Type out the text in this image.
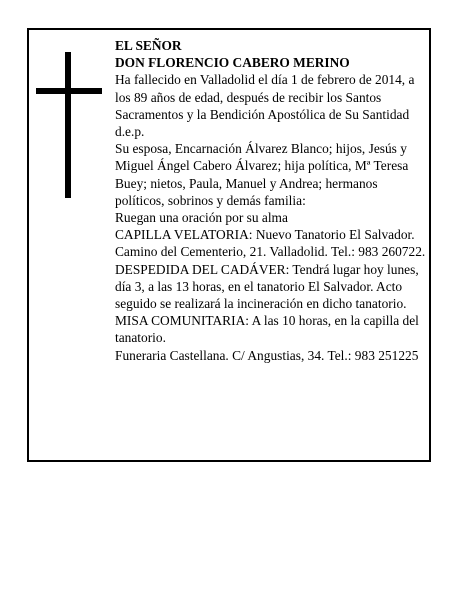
EL SEÑOR

DON FLORENCIO CABERO MERINO

Ha fallecido en Valladolid el día 1 de febrero de 2014, a los 89 años de edad, después de recibir los Santos Sacramentos y la Bendición Apostólica de Su Santidad d.e.p.

Su esposa, Encarnación Álvarez Blanco; hijos, Jesús y Miguel Ángel Cabero Álvarez; hija política, Mª Teresa Buey; nietos, Paula, Manuel y Andrea; hermanos políticos, sobrinos y demás familia:

Ruegan una oración por su alma

CAPILLA VELATORIA: Nuevo Tanatorio El Salvador. Camino del Cementerio, 21. Valladolid. Tel.: 983 260722.

DESPEDIDA DEL CADÁVER: Tendrá lugar hoy lunes, día 3, a las 13 horas, en el tanatorio El Salvador. Acto seguido se realizará la incineración en dicho tanatorio.

MISA COMUNITARIA: A las 10 horas, en la capilla del tanatorio.

Funeraria Castellana. C/ Angustias, 34. Tel.: 983 251225
